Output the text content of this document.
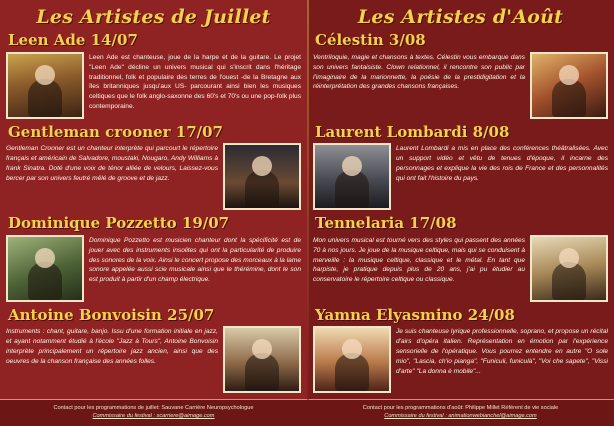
Les Artistes de Juillet
Leen Ade 14/07
Leen Ade est chanteuse, joue de la harpe et de la guitare. Le projet "Leen Ade" décline un univers musical qui s'inscrit dans l'héritage traditionnel, folk et populaire des terres de l'ouest -de la Bretagne aux îles britanniques jusqu'aux US- parcourant ainsi bien les musiques celtiques que le folk anglo-saxonne des 60's et 70's ou une pop-folk plus contemporaine.
Gentleman crooner 17/07
Gentleman Crooner est un chanteur interprète qui parcourt le répertoire français et américain de Salvadore, moustaki, Nougaro, Andy Williams à frank Sinatra. Doté d'une voix de ténor alliée de velours, Laissez-vous bercer par son univers feutré mêlé de groove et de jazz.
Dominique Pozzetto 19/07
Dominique Pozzetto est musicien chanteur dont la spécificité est de jouer avec des instruments insolites qui ont la particularité de produire des sonores de la voix. Ainsi le concert propose des morceaux à la lame sonore appelée aussi scie musicale ainsi que le thérémine, dont le son est produit à partir d'un champ électrique.
Antoine Bonvoisin 25/07
Instruments : chant, guitare, banjo. Issu d'une formation initiale en jazz, et ayant notamment étudié à l'école "Jazz à Tours", Antoine Bonvoisin interprète principalement un répertoire jazz ancien, ainsi que des oeuvres de la chanson française des années folles.
Les Artistes d'Août
Célestin 3/08
Ventriloquie, magie et chansons à textes. Célestin vous embarque dans son univers fantaisiste. Clown relationnel, il rencontre son public par l'imaginaire de la marionnette, la poésie de la prestidigitation et la réinterprétation des grandes chansons françaises.
Laurent Lombardi 8/08
Laurent Lombardi a mis en place des conférences théâtralisées. Avec un support vidéo et vêtu de tenues d'époque, il incarne des personnages et explique la vie des rois de France et des personnalités qui ont fait l'histoire du pays.
Tennelaria 17/08
Mon univers musical est tourné vers des styles qui passent des années 70 à nos jours. Je joue de la musique celtique, mais qui se conduisent à merveille : la musique celtique, classique et le métal. En tant que harpiste, je pratique depuis plus de 20 ans, j'ai pu étudier au conservatoire le répertoire celtique ou classique.
Yamna Elyasmino 24/08
Je suis chanteuse lyrique professionnelle, soprano, et propose un récital d'airs d'opéra italien. Représentation en émotion par l'expérience sensorielle de l'opératique. Vous pourrez entendre en autre "O sole mio", "Lascia, ch'io pianga", "Funiculi, funiculà", "Voi che sapete", "Vissi d'arte" "La donna è mobile"...
Contact pour les programmations de juillet: Sauvane Carrière Neuropsychologue
Commissaire du festival : scarriere@aimage.com
Contact pour les programmations d'août: Philippe Millet Référent de vie sociale
Commissaire du festival : animationwebianchel@aimage.com
